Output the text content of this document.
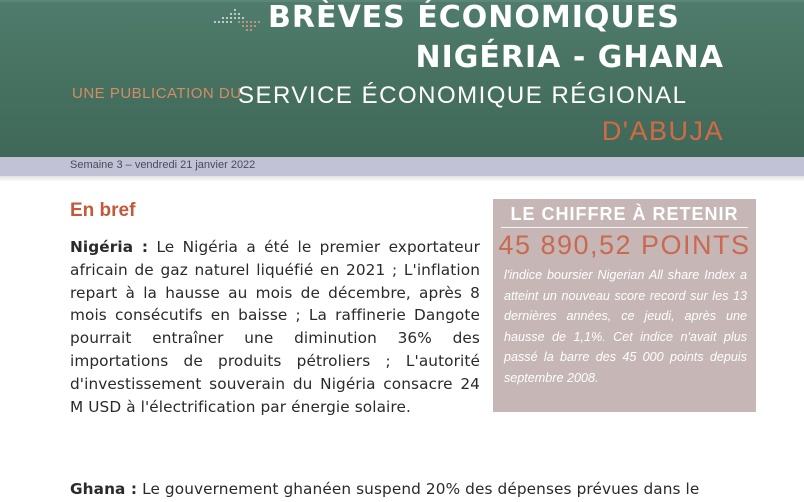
BRÈVES ÉCONOMIQUES
NIGÉRIA - GHANA
UNE PUBLICATION DU
SERVICE ÉCONOMIQUE RÉGIONAL
D'ABUJA
Semaine 3 – vendredi 21 janvier 2022
En bref
Nigéria : Le Nigéria a été le premier exportateur africain de gaz naturel liquéfié en 2021 ; L'inflation repart à la hausse au mois de décembre, après 8 mois consécutifs en baisse ; La raffinerie Dangote pourrait entraîner une diminution 36% des importations de produits pétroliers ; L'autorité d'investissement souverain du Nigéria consacre 24 M USD à l'électrification par énergie solaire.
Ghana : Le gouvernement ghanéen suspend 20% des dépenses prévues dans le
LE CHIFFRE À RETENIR
45 890,52 POINTS
l'indice boursier Nigerian All share Index a atteint un nouveau score record sur les 13 dernières années, ce jeudi, après une hausse de 1,1%. Cet indice n'avait plus passé la barre des 45 000 points depuis septembre 2008.
